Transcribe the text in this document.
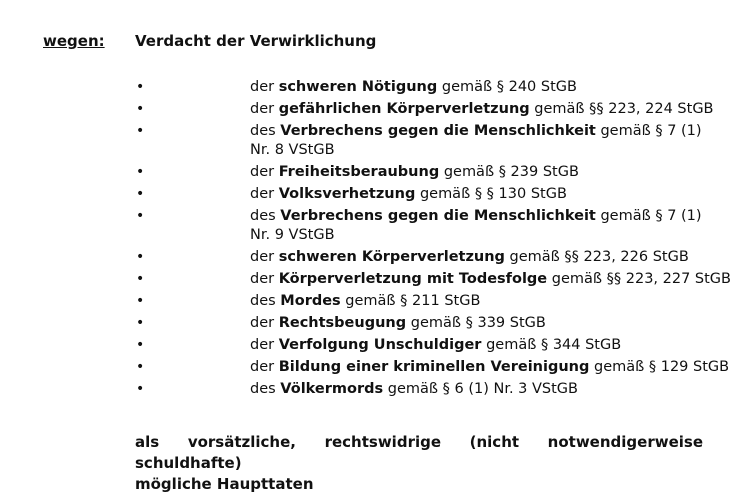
wegen: Verdacht der Verwirklichung
•	der schweren Nötigung gemäß § 240 StGB
•	der gefährlichen Körperverletzung gemäß §§ 223, 224 StGB
•	des Verbrechens gegen die Menschlichkeit gemäß § 7 (1)
Nr. 8 VStGB
•	der Freiheitsberaubung gemäß § 239 StGB
•	der Volksverhetzung gemäß § § 130 StGB
•	des Verbrechens gegen die Menschlichkeit gemäß § 7 (1)
Nr. 9 VStGB
•	der schweren Körperverletzung gemäß §§ 223, 226 StGB
•	der Körperverletzung mit Todesfolge gemäß §§ 223, 227 StGB
•	des Mordes gemäß § 211 StGB
•	der Rechtsbeugung gemäß § 339 StGB
•	der Verfolgung Unschuldiger gemäß § 344 StGB
•	der Bildung einer kriminellen Vereinigung gemäß § 129 StGB
•	des Völkermords gemäß § 6 (1) Nr. 3 VStGB
als vorsätzliche, rechtswidrige (nicht notwendigerweise schuldhafte)
mögliche Haupttaten
